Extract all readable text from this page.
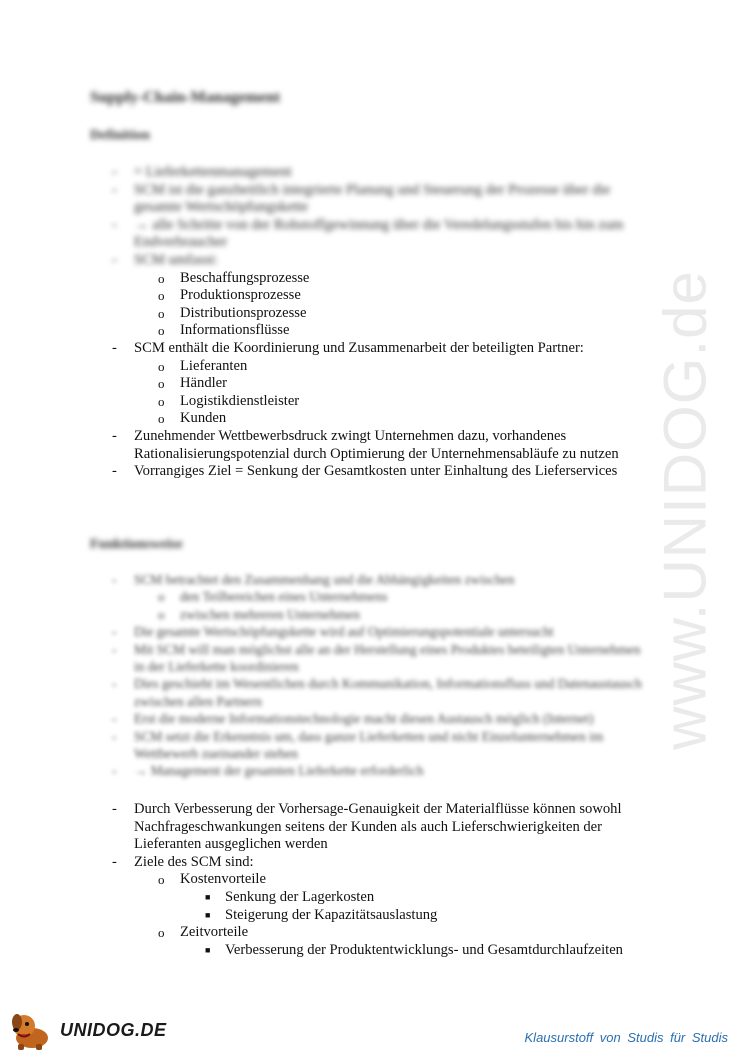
www.UNIDOG.de
Supply-Chain-Management
Definition
- = Lieferkettenmanagement
- SCM ist die ganzheitlich integrierte Planung und Steuerung der Prozesse über die gesamte Wertschöpfungskette
- → alle Schritte von der Rohstoffgewinnung über die Veredelungsstufen bis hin zum Endverbraucher
- SCM umfasst:
o Beschaffungsprozesse
o Produktionsprozesse
o Distributionsprozesse
o Informationsflüsse
- SCM enthält die Koordinierung und Zusammenarbeit der beteiligten Partner:
o Lieferanten
o Händler
o Logistikdienstleister
o Kunden
- Zunehmender Wettbewerbsdruck zwingt Unternehmen dazu, vorhandenes Rationalisierungspotenzial durch Optimierung der Unternehmensabläufe zu nutzen
- Vorrangiges Ziel = Senkung der Gesamtkosten unter Einhaltung des Lieferservices
Funktionsweise
- SCM betrachtet den Zusammenhang und die Abhängigkeiten zwischen
o den Teilbereichen eines Unternehmens
o zwischen mehreren Unternehmen
- Die gesamte Wertschöpfungskette wird auf Optimierungspotentiale untersucht
- Mit SCM will man möglichst alle an der Herstellung eines Produktes beteiligten Unternehmen in der Lieferkette koordinieren
- Dies geschieht im Wesentlichen durch Kommunikation, Informationsfluss und Datenaustausch zwischen allen Partnern
- Erst die moderne Informationstechnologie macht diesen Austausch möglich (Internet)
- SCM setzt die Erkenntnis um, dass ganze Lieferketten und nicht Einzelunternehmen im Wettbewerb zueinander stehen
- → Management der gesamten Lieferkette erforderlich
- Durch Verbesserung der Vorhersage-Genauigkeit der Materialflüsse können sowohl Nachfrageschwankungen seitens der Kunden als auch Lieferschwierigkeiten der Lieferanten ausgeglichen werden
- Ziele des SCM sind:
o Kostenvorteile
■ Senkung der Lagerkosten
■ Steigerung der Kapazitätsauslastung
o Zeitvorteile
■ Verbesserung der Produktentwicklungs- und Gesamtdurchlaufzeiten
UNIDOG.DE	Klausurstoff von Studis für Studis
